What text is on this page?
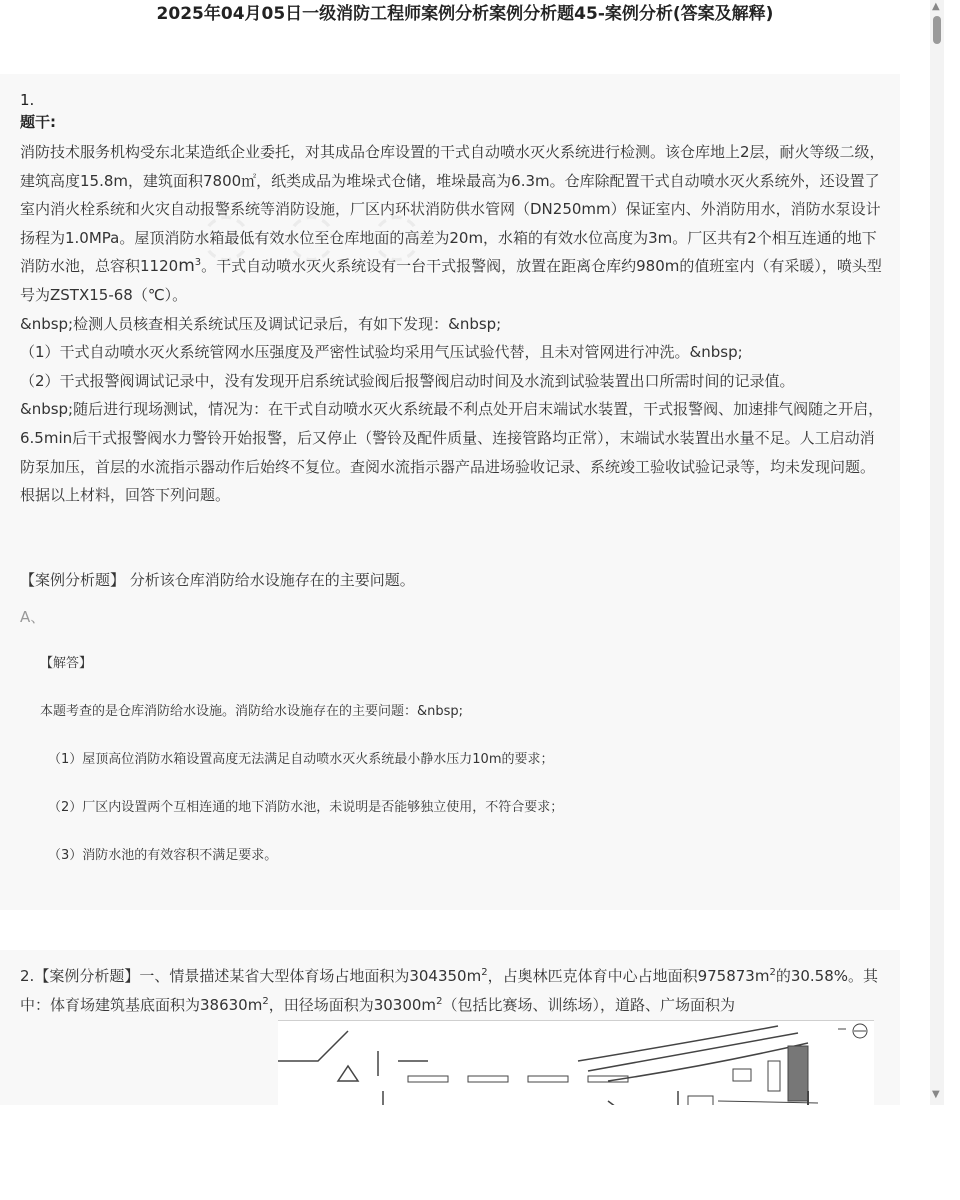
2025年04月05日一级消防工程师案例分析案例分析题45-案例分析(答案及解释)
◌ ◌ ◌
1.
题干:

消防技术服务机构受东北某造纸企业委托，对其成品仓库设置的干式自动喷水灭火系统进行检测。该仓库地上2层，耐火等级二级，建筑高度15.8m，建筑面积7800㎡，纸类成品为堆垛式仓储，堆垛最高为6.3m。仓库除配置干式自动喷水灭火系统外，还设置了室内消火栓系统和火灾自动报警系统等消防设施，厂区内环状消防供水管网（DN250mm）保证室内、外消防用水，消防水泵设计扬程为1.0MPa。屋顶消防水箱最低有效水位至仓库地面的高差为20m，水箱的有效水位高度为3m。厂区共有2个相互连通的地下消防水池，总容积$1120m^3$。干式自动喷水灭火系统设有一台干式报警阀，放置在距离仓库约980m的值班室内（有采暖），喷头型号为ZSTX15-68（℃）。

&nbsp;检测人员核查相关系统试压及调试记录后，有如下发现：&nbsp;

（1）干式自动喷水灭火系统管网水压强度及严密性试验均采用气压试验代替，且未对管网进行冲洗。&nbsp;

（2）干式报警阀调试记录中，没有发现开启系统试验阀后报警阀启动时间及水流到试验装置出口所需时间的记录值。

&nbsp;随后进行现场测试，情况为：在干式自动喷水灭火系统最不利点处开启末端试水装置，干式报警阀、加速排气阀随之开启，6.5min后干式报警阀水力警铃开始报警，后又停止（警铃及配件质量、连接管路均正常），末端试水装置出水量不足。人工启动消防泵加压，首层的水流指示器动作后始终不复位。查阅水流指示器产品进场验收记录、系统竣工验收试验记录等，均未发现问题。

根据以上材料，回答下列问题。

【案例分析题】 分析该仓库消防给水设施存在的主要问题。
A、
【解答】
本题考查的是仓库消防给水设施。消防给水设施存在的主要问题：&nbsp;
（1）屋顶高位消防水箱设置高度无法满足自动喷水灭火系统最小静水压力10m的要求；
（2）厂区内设置两个互相连通的地下消防水池，未说明是否能够独立使用，不符合要求；
（3）消防水池的有效容积不满足要求。
2.【案例分析题】一、情景描述某省大型体育场占地面积为$304350m^2$，占奥林匹克体育中心占地面积$975873m^2$的30.58%。其中：体育场建筑基底面积为$38630m^2$，田径场面积为$30300m^2$（包括比赛场、训练场），道路、广场面积为
▲
▼
